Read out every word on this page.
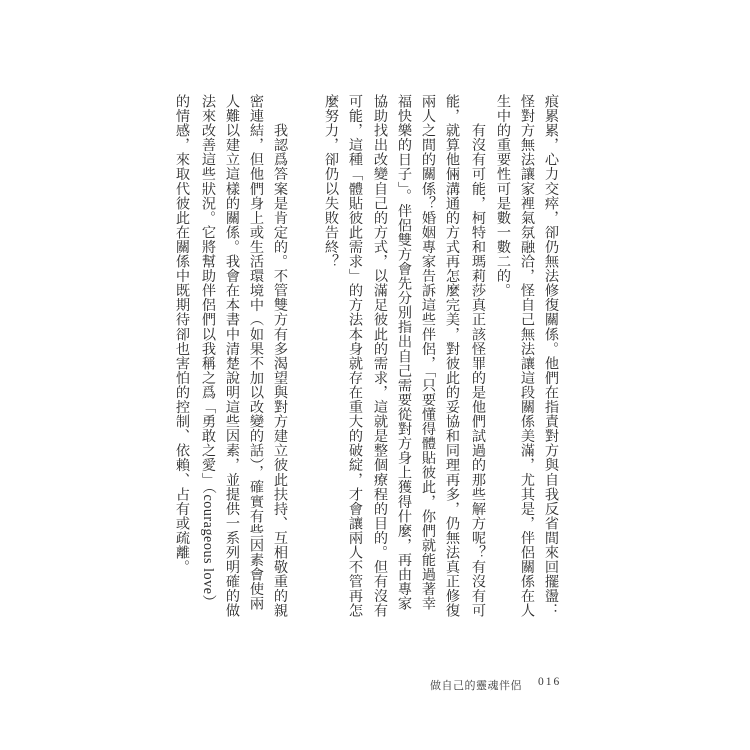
痕累累，心力交瘁，卻仍無法修復關係。他們在指責對方與自我反省間來回擺盪：
怪對方無法讓家裡氣氛融洽，怪自己無法讓這段關係美滿，尤其是，伴侶關係在人
生中的重要性可是數一數二的。
　　有沒有可能，柯特和瑪莉莎真正該怪罪的是他們試過的那些解方呢？有沒有可
能，就算他倆溝通的方式再怎麼完美，對彼此的妥協和同理再多，仍無法真正修復
兩人之間的關係？婚姻專家告訴這些伴侶，「只要懂得體貼彼此，你們就能過著幸
福快樂的日子」。伴侶雙方會先分別指出自己需要從對方身上獲得什麼，再由專家
協助找出改變自己的方式，以滿足彼此的需求，這就是整個療程的目的。但有沒有
可能，這種「體貼彼此需求」的方法本身就存在重大的破綻，才會讓兩人不管再怎
麼努力，卻仍以失敗告終？
　　我認爲答案是肯定的。不管雙方有多渴望與對方建立彼此扶持、互相敬重的親
密連結，但他們身上或生活環境中（如果不加以改變的話），確實有些因素會使兩
人難以建立這樣的關係。我會在本書中清楚說明這些因素，並提供一系列明確的做
法來改善這些狀況。它將幫助伴侶們以我稱之爲「勇敢之愛」（courageous love）
的情感，來取代彼此在關係中既期待卻也害怕的控制、依賴、占有或疏離。
做自己的靈魂伴侶 016
